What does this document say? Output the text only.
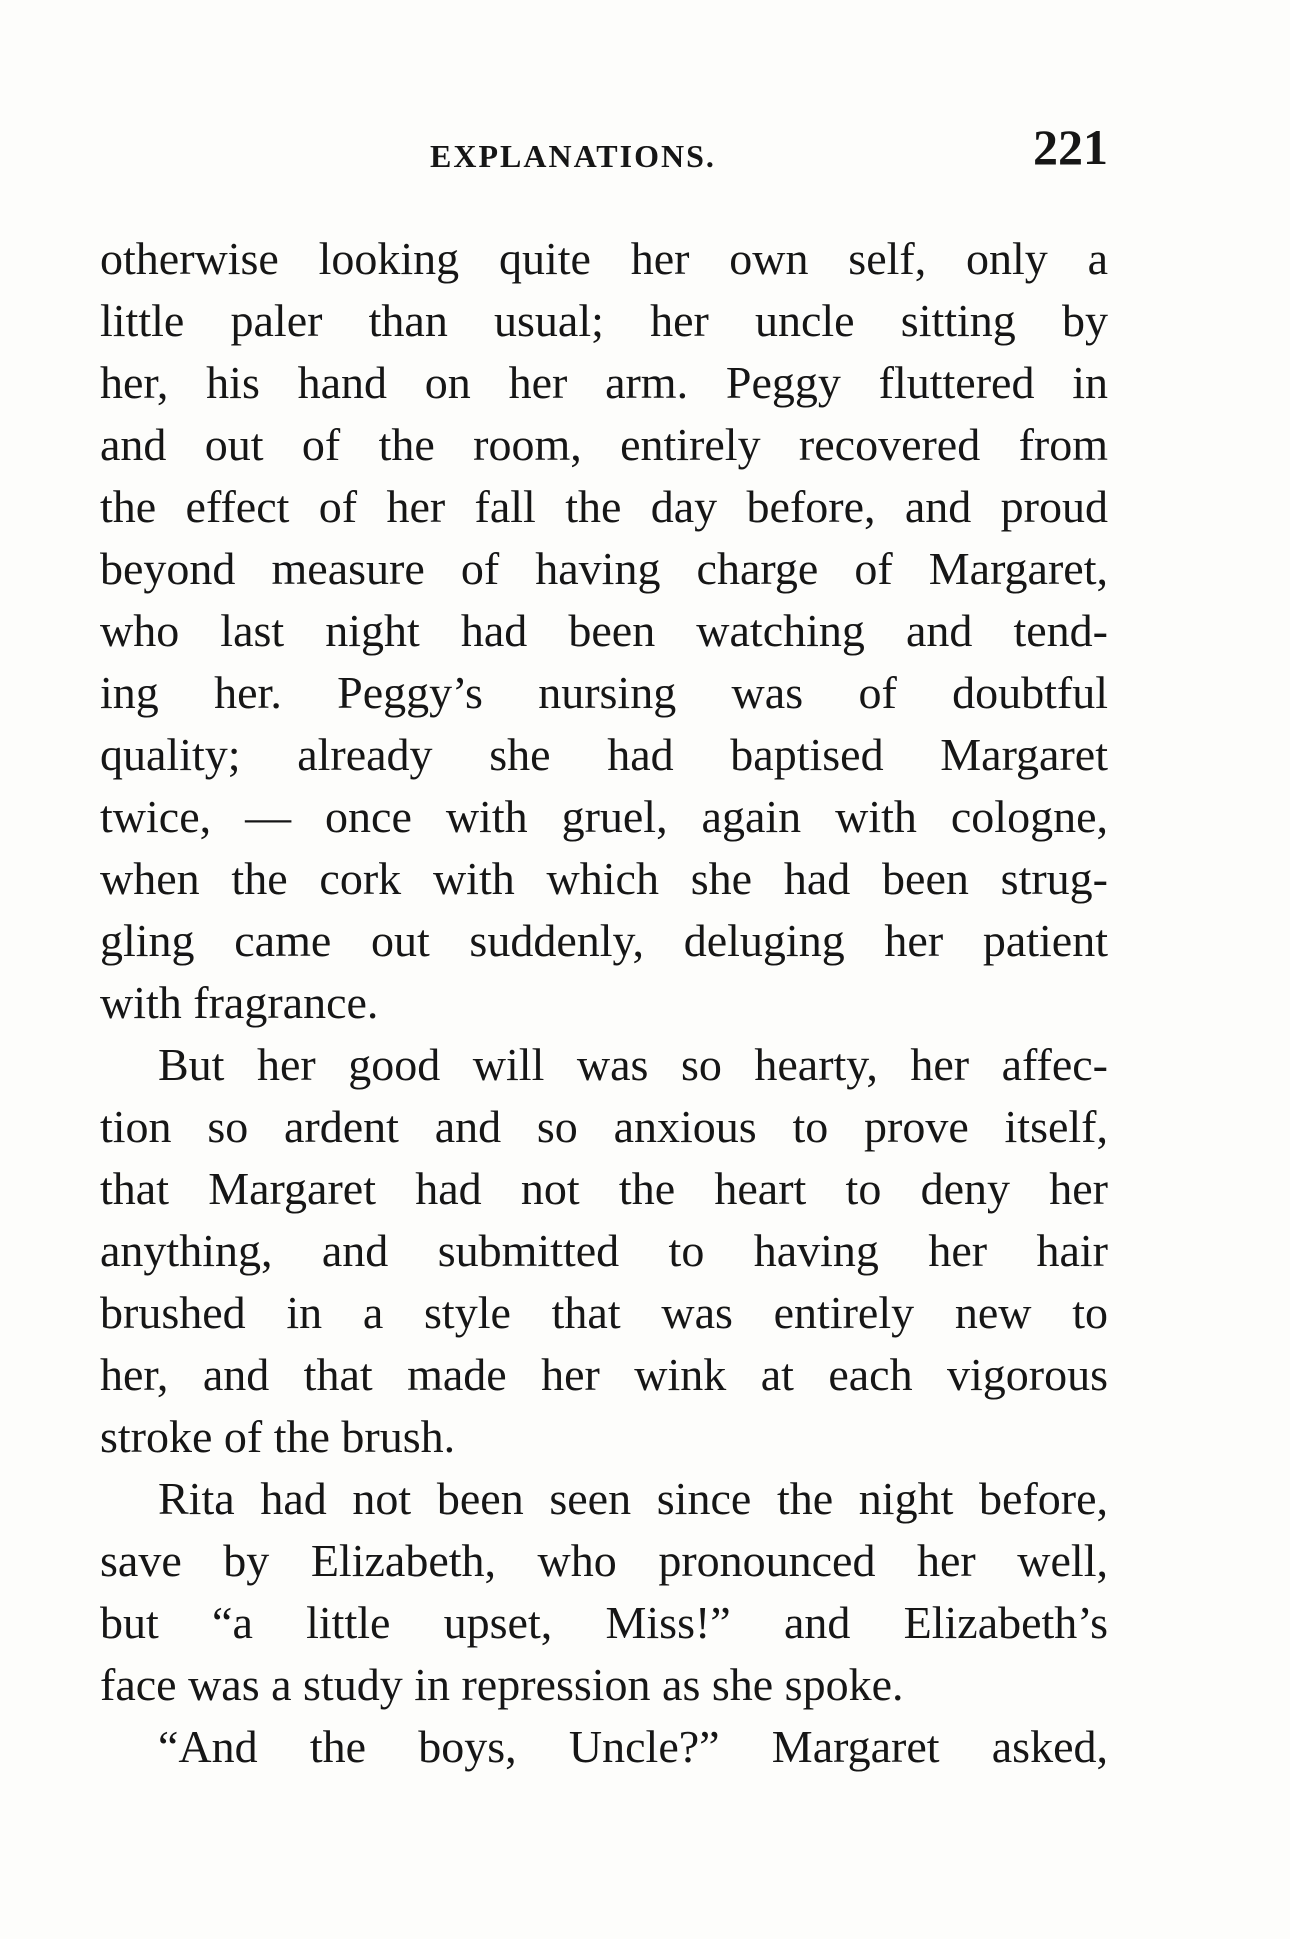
EXPLANATIONS.	221
otherwise looking quite her own self, only a
little paler than usual; her uncle sitting by
her, his hand on her arm. Peggy fluttered in
and out of the room, entirely recovered from
the effect of her fall the day before, and proud
beyond measure of having charge of Margaret,
who last night had been watching and tend-
ing her. Peggy’s nursing was of doubtful
quality; already she had baptised Margaret
twice, — once with gruel, again with cologne,
when the cork with which she had been strug-
gling came out suddenly, deluging her patient
with fragrance.
But her good will was so hearty, her affec-
tion so ardent and so anxious to prove itself,
that Margaret had not the heart to deny her
anything, and submitted to having her hair
brushed in a style that was entirely new to
her, and that made her wink at each vigorous
stroke of the brush.
Rita had not been seen since the night before,
save by Elizabeth, who pronounced her well,
but “a little upset, Miss!” and Elizabeth’s
face was a study in repression as she spoke.
“And the boys, Uncle?” Margaret asked,
